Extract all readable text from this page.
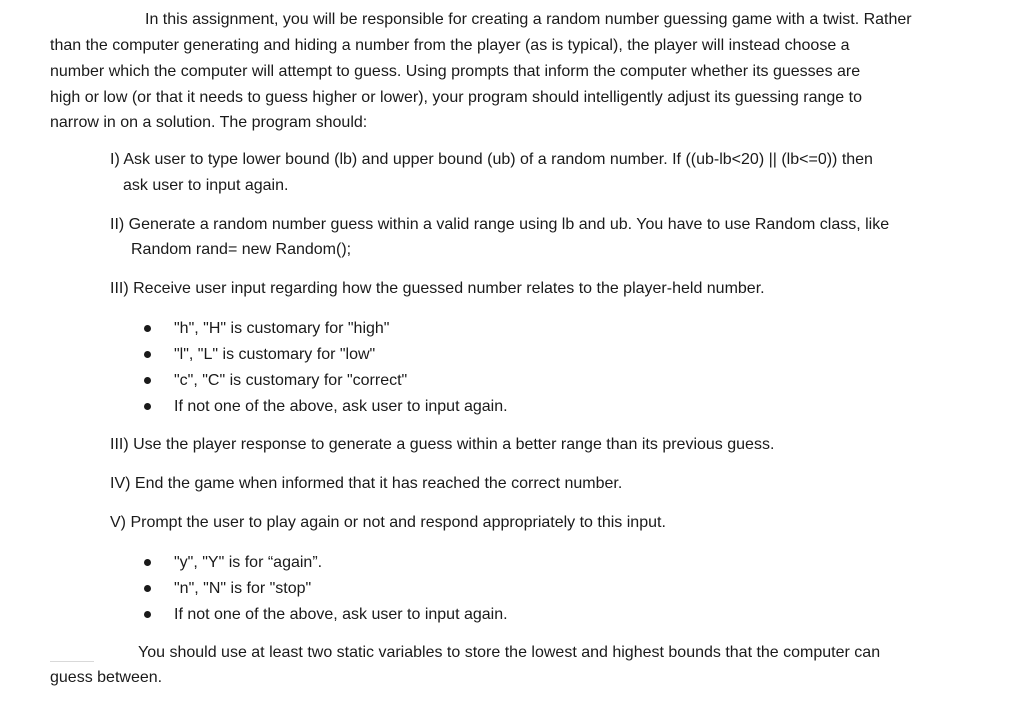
In this assignment, you will be responsible for creating a random number guessing game with a twist. Rather
than the computer generating and hiding a number from the player (as is typical), the player will instead choose a
number which the computer will attempt to guess. Using prompts that inform the computer whether its guesses are
high or low (or that it needs to guess higher or lower), your program should intelligently adjust its guessing range to
narrow in on a solution. The program should:
I) Ask user to type lower bound (lb) and upper bound (ub) of a random number. If ((ub-lb<20) || (lb<=0)) then
ask user to input again.
II) Generate a random number guess within a valid range using lb and ub. You have to use Random class, like
Random rand= new Random();
III) Receive user input regarding how the guessed number relates to the player-held number.
"h", "H" is customary for "high"
"l", "L" is customary for "low"
"c", "C" is customary for "correct"
If not one of the above, ask user to input again.
III) Use the player response to generate a guess within a better range than its previous guess.
IV) End the game when informed that it has reached the correct number.
V) Prompt the user to play again or not and respond appropriately to this input.
"y", "Y" is for “again”.
"n", "N" is for "stop"
If not one of the above, ask user to input again.
You should use at least two static variables to store the lowest and highest bounds that the computer can
guess between.
